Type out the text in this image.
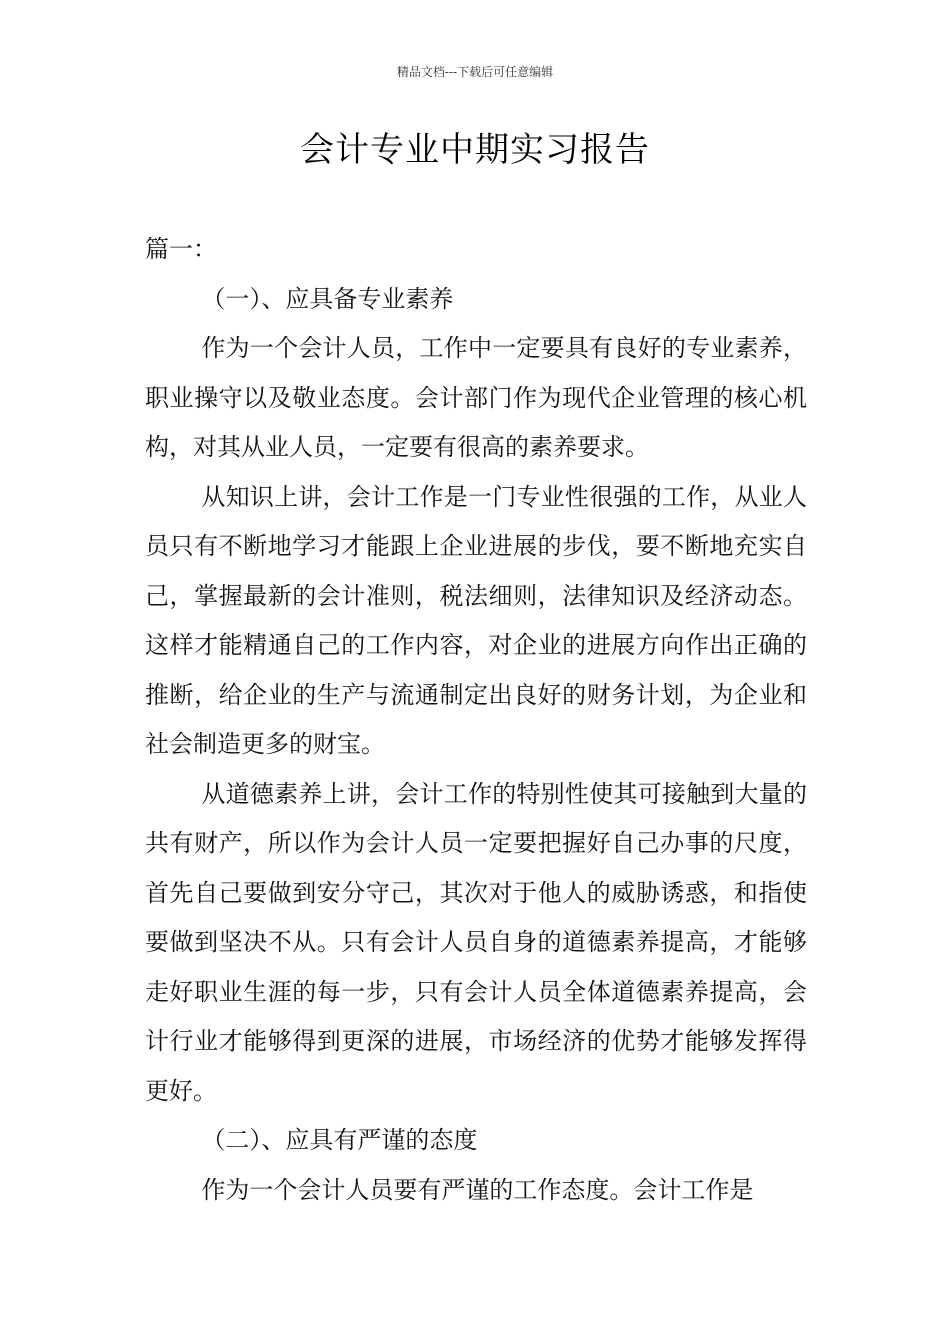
精品文档---下载后可任意编辑
会计专业中期实习报告

篇一：

（一）、应具备专业素养

作为一个会计人员，工作中一定要具有良好的专业素养，职业操守以及敬业态度。会计部门作为现代企业管理的核心机构，对其从业人员，一定要有很高的素养要求。

从知识上讲，会计工作是一门专业性很强的工作，从业人员只有不断地学习才能跟上企业进展的步伐，要不断地充实自己，掌握最新的会计准则，税法细则，法律知识及经济动态。这样才能精通自己的工作内容，对企业的进展方向作出正确的推断，给企业的生产与流通制定出良好的财务计划，为企业和社会制造更多的财宝。

从道德素养上讲，会计工作的特别性使其可接触到大量的共有财产，所以作为会计人员一定要把握好自己办事的尺度，首先自己要做到安分守己，其次对于他人的威胁诱惑，和指使要做到坚决不从。只有会计人员自身的道德素养提高，才能够走好职业生涯的每一步，只有会计人员全体道德素养提高，会计行业才能够得到更深的进展，市场经济的优势才能够发挥得更好。

（二）、应具有严谨的态度

作为一个会计人员要有严谨的工作态度。会计工作是
